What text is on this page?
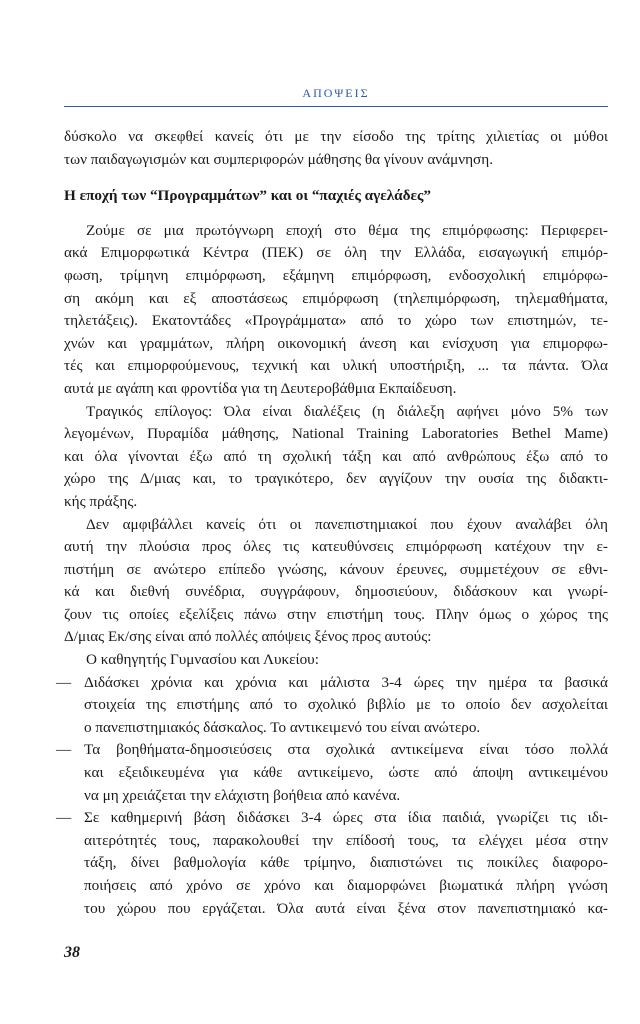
ΑΠΟΨΕΙΣ
δύσκολο να σκεφθεί κανείς ότι με την είσοδο της τρίτης χιλιετίας οι μύθοι
των παιδαγωγισμών και συμπεριφορών μάθησης θα γίνουν ανάμνηση.
Η εποχή των “Προγραμμάτων” και οι “παχιές αγελάδες”
Ζούμε σε μια πρωτόγνωρη εποχή στο θέμα της επιμόρφωσης: Περιφερει-
ακά Επιμορφωτικά Κέντρα (ΠΕΚ) σε όλη την Ελλάδα, εισαγωγική επιμόρ-
φωση, τρίμηνη επιμόρφωση, εξάμηνη επιμόρφωση, ενδοσχολική επιμόρφω-
ση ακόμη και εξ αποστάσεως επιμόρφωση (τηλεπιμόρφωση, τηλεμαθήματα,
τηλετάξεις). Εκατοντάδες «Προγράμματα» από το χώρο των επιστημών, τε-
χνών και γραμμάτων, πλήρη οικονομική άνεση και ενίσχυση για επιμορφω-
τές και επιμορφούμενους, τεχνική και υλική υποστήριξη, ... τα πάντα. Όλα
αυτά με αγάπη και φροντίδα για τη Δευτεροβάθμια Εκπαίδευση.
Τραγικός επίλογος: Όλα είναι διαλέξεις (η διάλεξη αφήνει μόνο 5% των
λεγομένων, Πυραμίδα μάθησης, National Training Laboratories Bethel Mame)
και όλα γίνονται έξω από τη σχολική τάξη και από ανθρώπους έξω από το
χώρο της Δ/μιας και, το τραγικότερο, δεν αγγίζουν την ουσία της διδακτι-
κής πράξης.
Δεν αμφιβάλλει κανείς ότι οι πανεπιστημιακοί που έχουν αναλάβει όλη
αυτή την πλούσια προς όλες τις κατευθύνσεις επιμόρφωση κατέχουν την ε-
πιστήμη σε ανώτερο επίπεδο γνώσης, κάνουν έρευνες, συμμετέχουν σε εθνι-
κά και διεθνή συνέδρια, συγγράφουν, δημοσιεύουν, διδάσκουν και γνωρί-
ζουν τις οποίες εξελίξεις πάνω στην επιστήμη τους. Πλην όμως ο χώρος της
Δ/μιας Εκ/σης είναι από πολλές απόψεις ξένος προς αυτούς:
Ο καθηγητής Γυμνασίου και Λυκείου:
— Διδάσκει χρόνια και χρόνια και μάλιστα 3-4 ώρες την ημέρα τα βασικά
στοιχεία της επιστήμης από το σχολικό βιβλίο με το οποίο δεν ασχολείται
ο πανεπιστημιακός δάσκαλος. Το αντικειμενό του είναι ανώτερο.
— Τα βοηθήματα-δημοσιεύσεις στα σχολικά αντικείμενα είναι τόσο πολλά
και εξειδικευμένα για κάθε αντικείμενο, ώστε από άποψη αντικειμένου
να μη χρειάζεται την ελάχιστη βοήθεια από κανένα.
— Σε καθημερινή βάση διδάσκει 3-4 ώρες στα ίδια παιδιά, γνωρίζει τις ιδι-
αιτερότητές τους, παρακολουθεί την επίδοσή τους, τα ελέγχει μέσα στην
τάξη, δίνει βαθμολογία κάθε τρίμηνο, διαπιστώνει τις ποικίλες διαφορο-
ποιήσεις από χρόνο σε χρόνο και διαμορφώνει βιωματικά πλήρη γνώση
του χώρου που εργάζεται. Όλα αυτά είναι ξένα στον πανεπιστημιακό κα-
38
